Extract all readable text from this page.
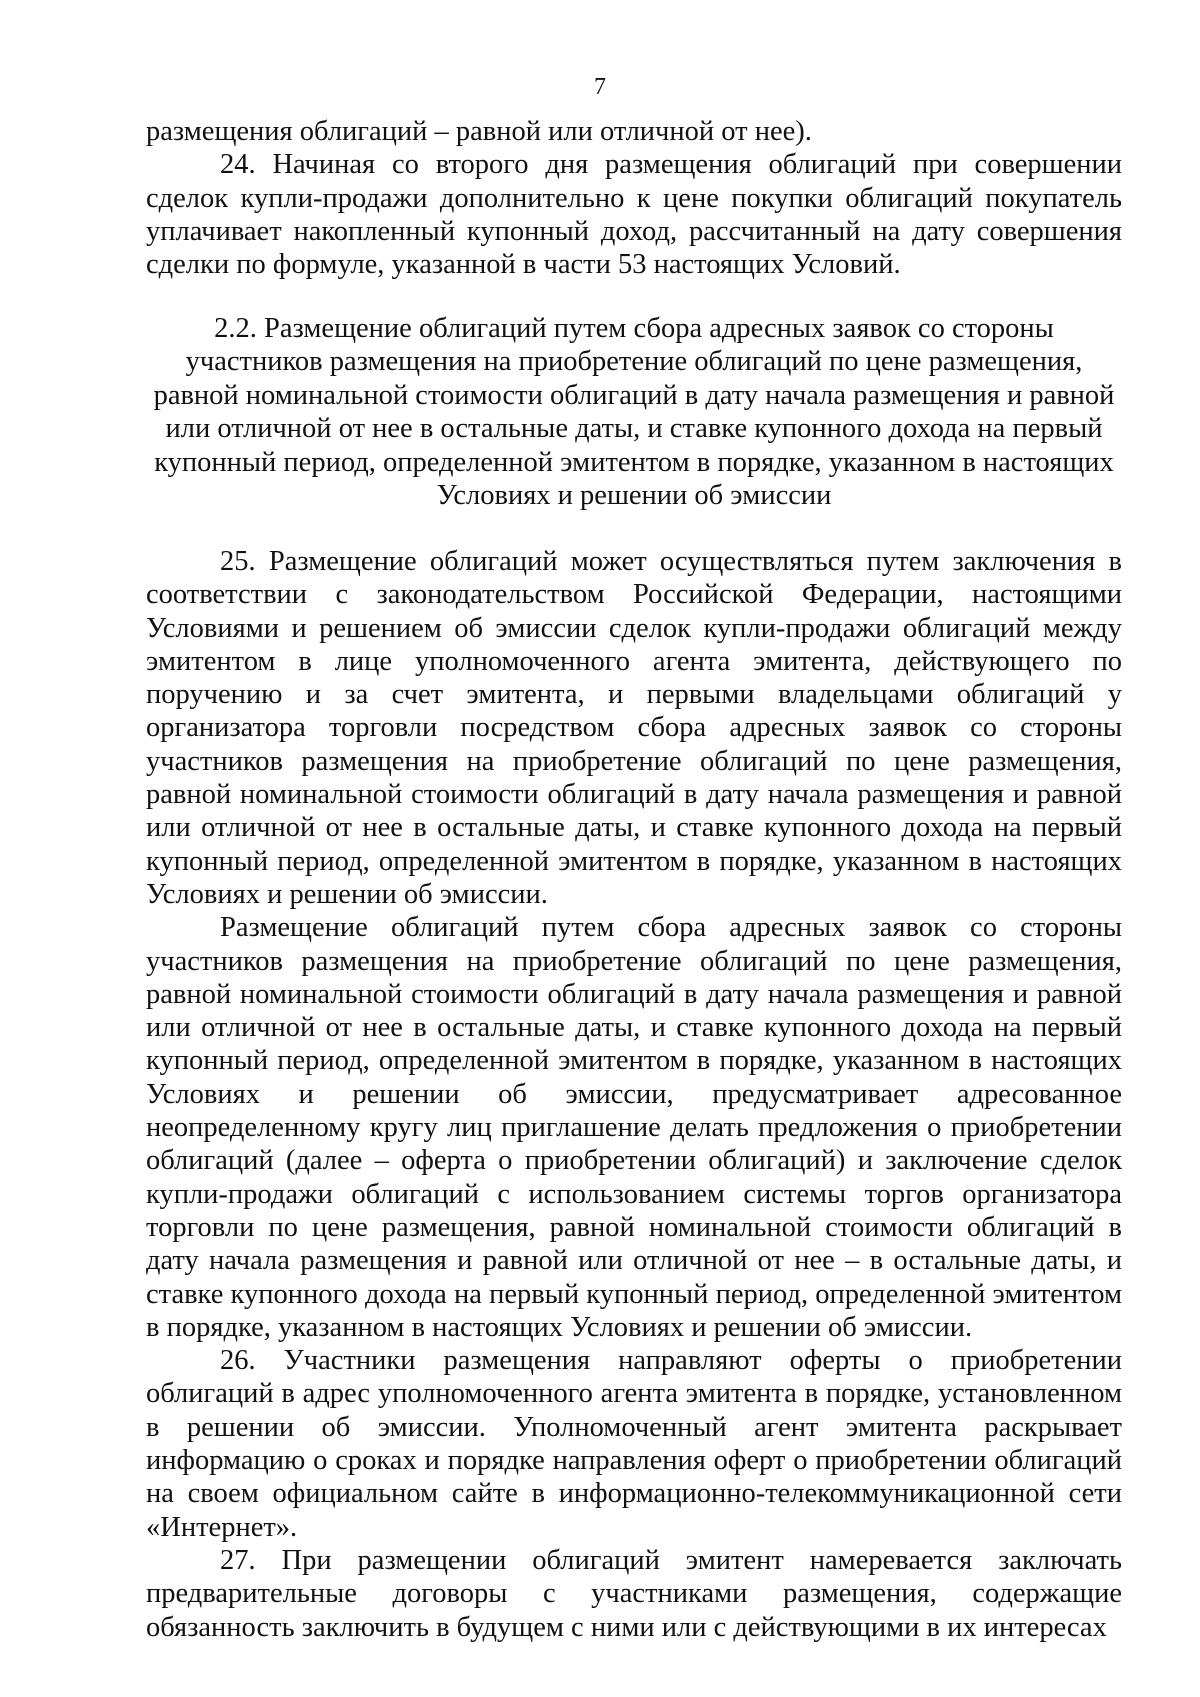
7

размещения облигаций – равной или отличной от нее).

24. Начиная со второго дня размещения облигаций при совершении сделок купли-продажи дополнительно к цене покупки облигаций покупатель уплачивает накопленный купонный доход, рассчитанный на дату совершения сделки по формуле, указанной в части 53 настоящих Условий.

2.2. Размещение облигаций путем сбора адресных заявок со стороны
участников размещения на приобретение облигаций по цене размещения,
равной номинальной стоимости облигаций в дату начала размещения и равной
или отличной от нее в остальные даты, и ставке купонного дохода на первый
купонный период, определенной эмитентом в порядке, указанном в настоящих
Условиях и решении об эмиссии

25. Размещение облигаций может осуществляться путем заключения в соответствии с законодательством Российской Федерации, настоящими Условиями и решением об эмиссии сделок купли-продажи облигаций между эмитентом в лице уполномоченного агента эмитента, действующего по поручению и за счет эмитента, и первыми владельцами облигаций у организатора торговли посредством сбора адресных заявок со стороны участников размещения на приобретение облигаций по цене размещения, равной номинальной стоимости облигаций в дату начала размещения и равной или отличной от нее в остальные даты, и ставке купонного дохода на первый купонный период, определенной эмитентом в порядке, указанном в настоящих Условиях и решении об эмиссии.

Размещение облигаций путем сбора адресных заявок со стороны участников размещения на приобретение облигаций по цене размещения, равной номинальной стоимости облигаций в дату начала размещения и равной или отличной от нее в остальные даты, и ставке купонного дохода на первый купонный период, определенной эмитентом в порядке, указанном в настоящих Условиях и решении об эмиссии, предусматривает адресованное неопределенному кругу лиц приглашение делать предложения о приобретении облигаций (далее – оферта о приобретении облигаций) и заключение сделок купли-продажи облигаций с использованием системы торгов организатора торговли по цене размещения, равной номинальной стоимости облигаций в дату начала размещения и равной или отличной от нее – в остальные даты, и ставке купонного дохода на первый купонный период, определенной эмитентом в порядке, указанном в настоящих Условиях и решении об эмиссии.

26. Участники размещения направляют оферты о приобретении облигаций в адрес уполномоченного агента эмитента в порядке, установленном в решении об эмиссии. Уполномоченный агент эмитента раскрывает информацию о сроках и порядке направления оферт о приобретении облигаций на своем официальном сайте в информационно-телекоммуникационной сети «Интернет».

27. При размещении облигаций эмитент намеревается заключать предварительные договоры с участниками размещения, содержащие обязанность заключить в будущем с ними или с действующими в их интересах
